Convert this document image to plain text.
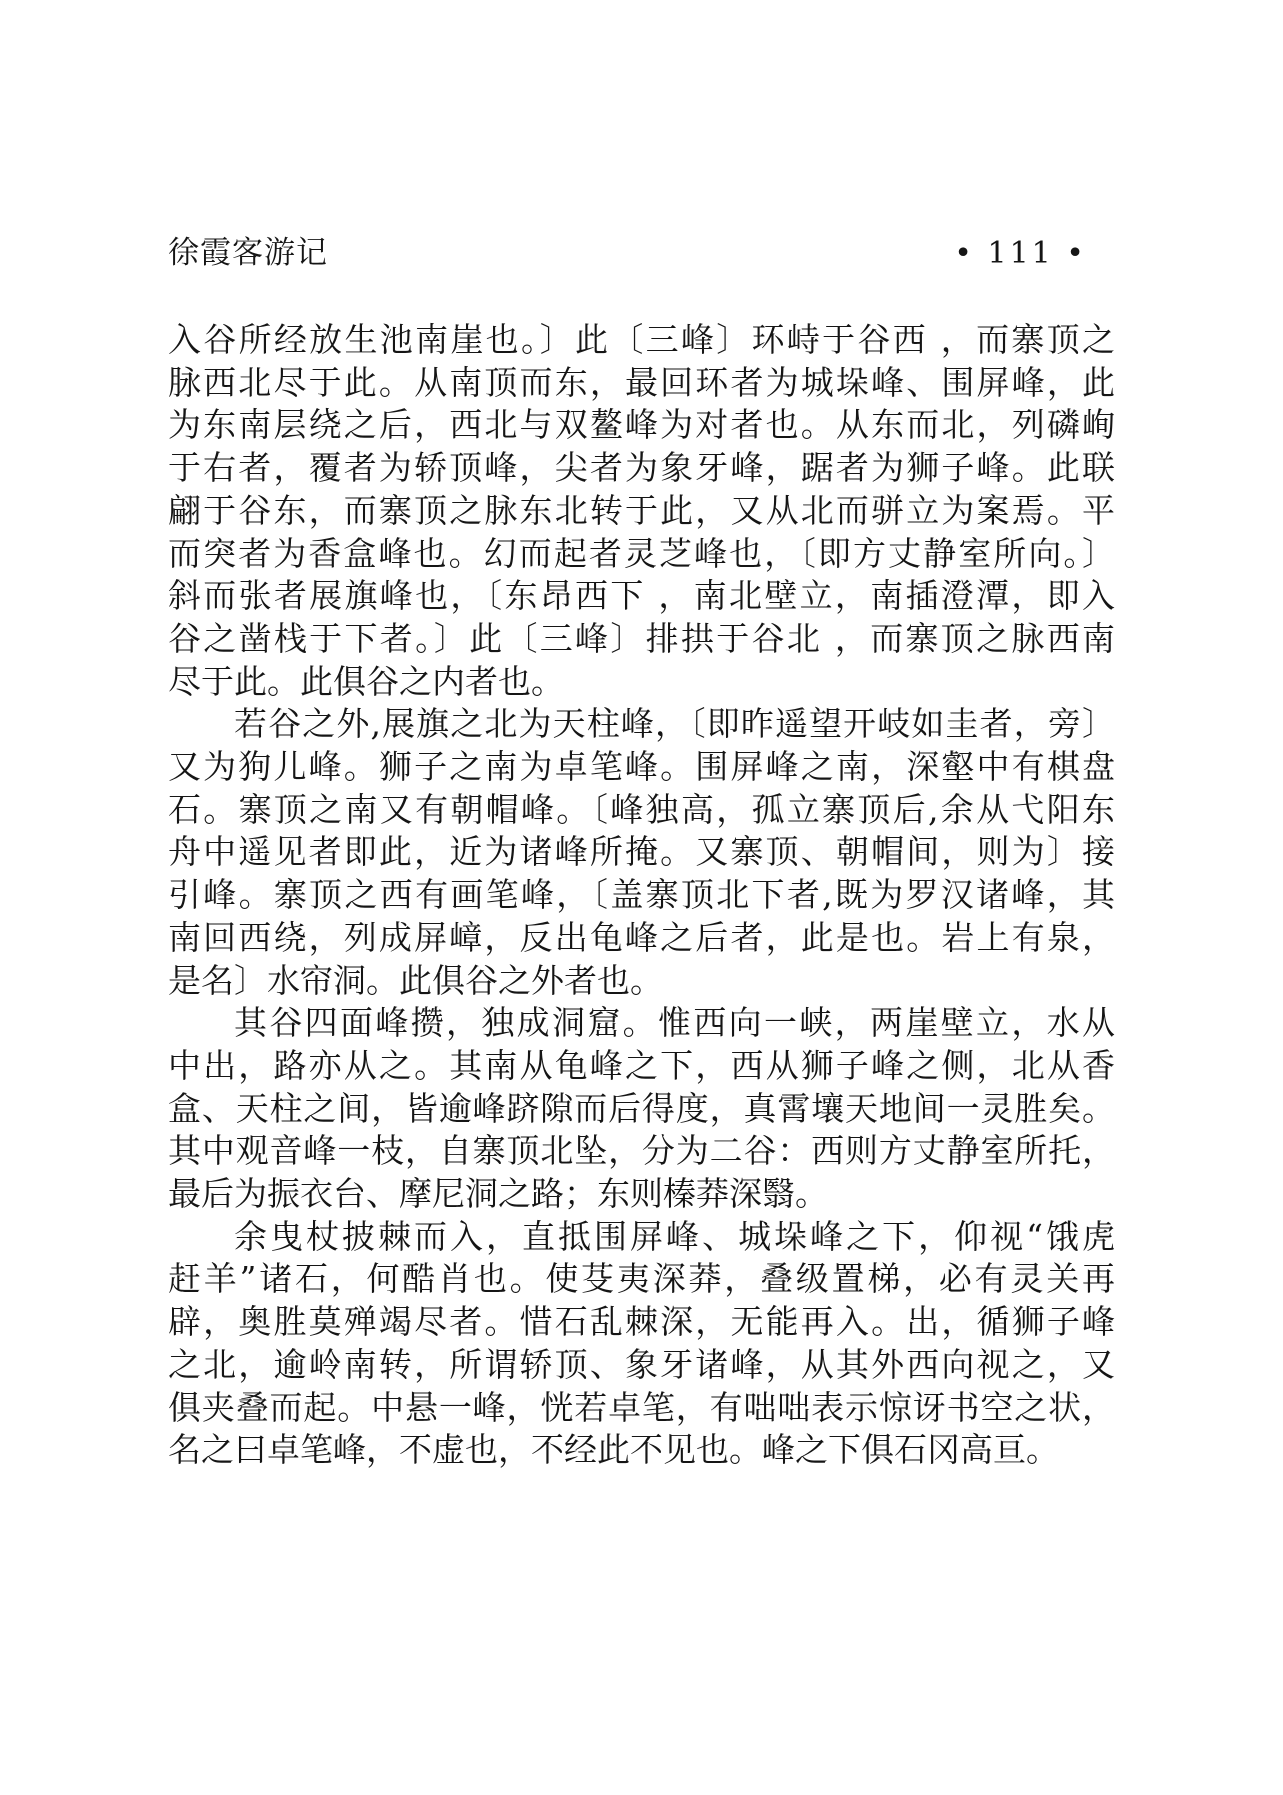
徐霞客游记	• 111 •
入谷所经放生池南崖也。〕此〔三峰〕环峙于谷西 ，而寨顶之
脉西北尽于此。从南顶而东，最回环者为城垛峰、围屏峰，此
为东南层绕之后，西北与双鳌峰为对者也。从东而北，列磷峋
于右者，覆者为轿顶峰，尖者为象牙峰，踞者为狮子峰。此联
翩于谷东，而寨顶之脉东北转于此，又从北而骈立为案焉。平
而突者为香盒峰也。幻而起者灵芝峰也，〔即方丈静室所向。〕
斜而张者展旗峰也，〔东昂西下 ，南北壁立，南插澄潭，即入
谷之凿栈于下者。〕此〔三峰〕排拱于谷北 ，而寨顶之脉西南
尽于此。此俱谷之内者也。
若谷之外,展旗之北为天柱峰，〔即昨遥望开岐如圭者，旁〕
又为狗儿峰。狮子之南为卓笔峰。围屏峰之南，深壑中有棋盘
石。寨顶之南又有朝帽峰。〔峰独高，孤立寨顶后,余从弋阳东
舟中遥见者即此，近为诸峰所掩。又寨顶、朝帽间，则为〕接
引峰。寨顶之西有画笔峰，〔盖寨顶北下者,既为罗汉诸峰，其
南回西绕，列成屏嶂，反出龟峰之后者，此是也。岩上有泉，
是名〕水帘洞。此俱谷之外者也。
其谷四面峰攒，独成洞窟。惟西向一峡，两崖壁立，水从
中出，路亦从之。其南从龟峰之下，西从狮子峰之侧，北从香
盒、天柱之间，皆逾峰跻隙而后得度，真霄壤天地间一灵胜矣。
其中观音峰一枝，自寨顶北坠，分为二谷：西则方丈静室所托，
最后为振衣台、摩尼洞之路；东则榛莽深翳。
余曳杖披棘而入，直抵围屏峰、城垛峰之下，仰视“饿虎
赶羊”诸石，何酷肖也。使芟夷深莽，叠级置梯，必有灵关再
辟，奥胜莫殚竭尽者。惜石乱棘深，无能再入。出，循狮子峰
之北，逾岭南转，所谓轿顶、象牙诸峰，从其外西向视之，又
俱夹叠而起。中悬一峰，恍若卓笔，有咄咄表示惊讶书空之状，
名之曰卓笔峰，不虚也，不经此不见也。峰之下俱石冈高亘。
